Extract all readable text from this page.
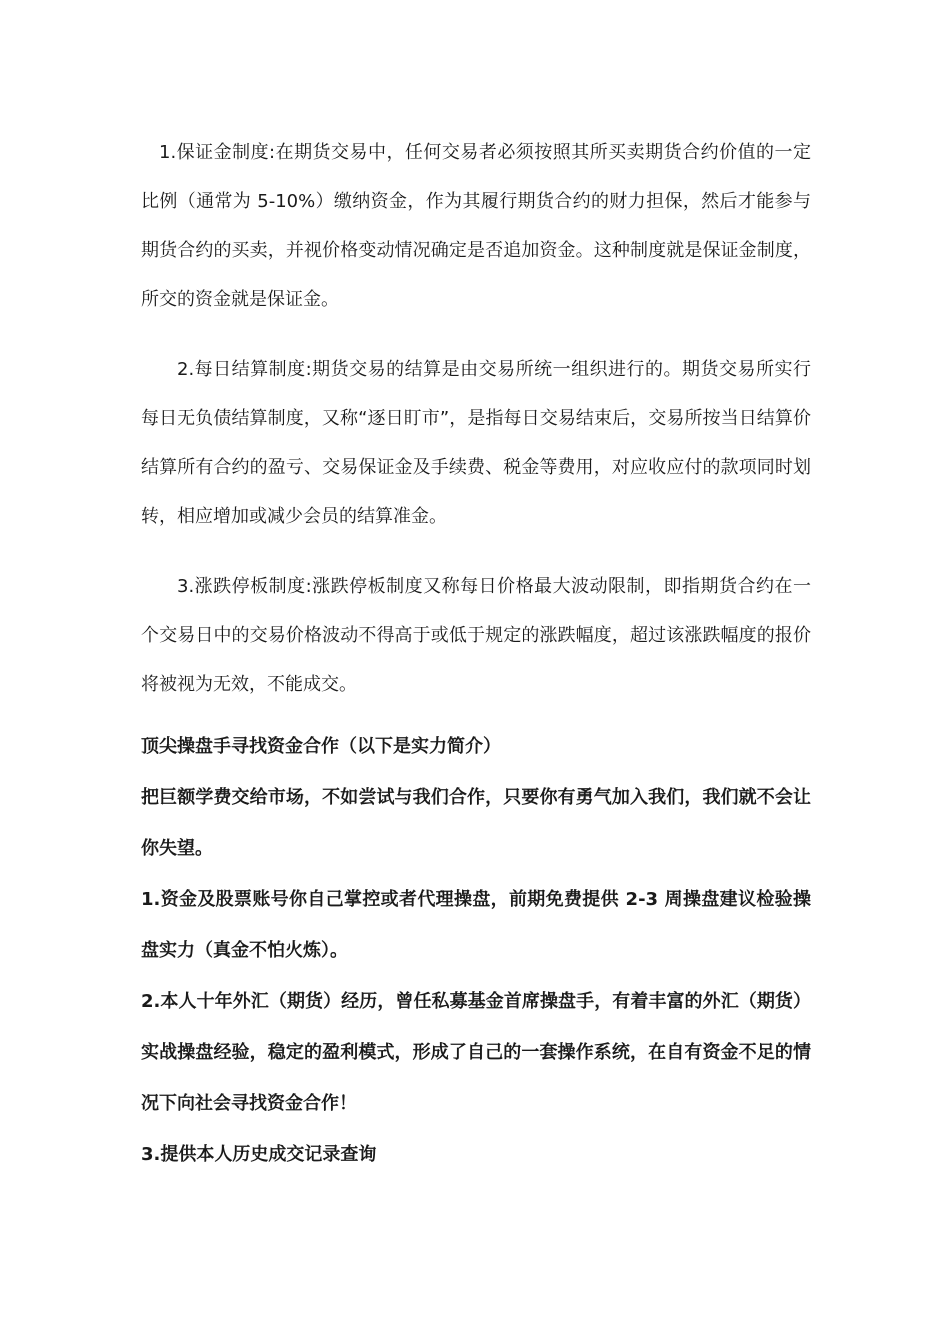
1.保证金制度:在期货交易中，任何交易者必须按照其所买卖期货合约价值的一定比例（通常为 5-10%）缴纳资金，作为其履行期货合约的财力担保，然后才能参与期货合约的买卖，并视价格变动情况确定是否追加资金。这种制度就是保证金制度，所交的资金就是保证金。

2.每日结算制度:期货交易的结算是由交易所统一组织进行的。期货交易所实行每日无负债结算制度，又称“逐日盯市”，是指每日交易结束后，交易所按当日结算价结算所有合约的盈亏、交易保证金及手续费、税金等费用，对应收应付的款项同时划转，相应增加或减少会员的结算准金。

3.涨跌停板制度:涨跌停板制度又称每日价格最大波动限制，即指期货合约在一个交易日中的交易价格波动不得高于或低于规定的涨跌幅度，超过该涨跌幅度的报价将被视为无效，不能成交。

顶尖操盘手寻找资金合作（以下是实力简介）

把巨额学费交给市场，不如尝试与我们合作，只要你有勇气加入我们，我们就不会让你失望。

1.资金及股票账号你自己掌控或者代理操盘，前期免费提供 2-3 周操盘建议检验操盘实力（真金不怕火炼）。

2.本人十年外汇（期货）经历，曾任私募基金首席操盘手，有着丰富的外汇（期货）实战操盘经验，稳定的盈利模式，形成了自己的一套操作系统，在自有资金不足的情况下向社会寻找资金合作！

3.提供本人历史成交记录查询
